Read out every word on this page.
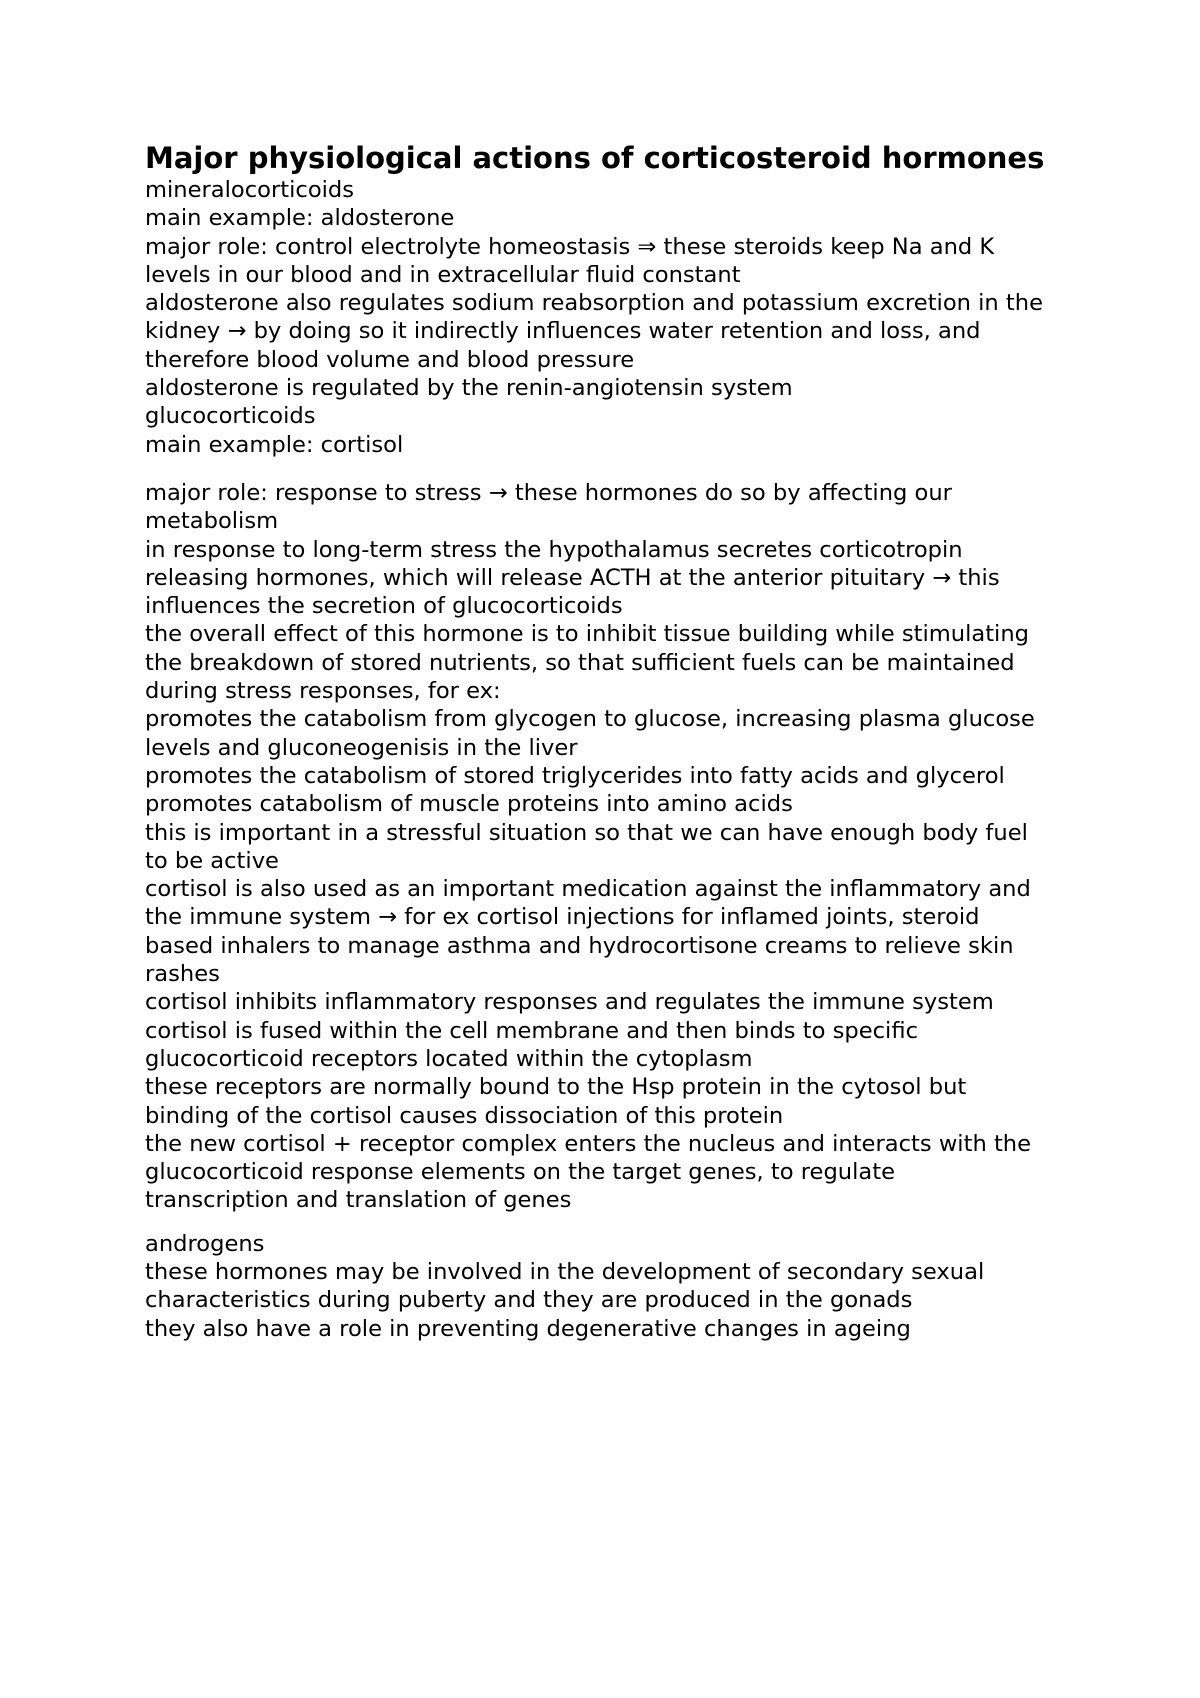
Major physiological actions of corticosteroid hormones

mineralocorticoids

main example: aldosterone

major role: control electrolyte homeostasis ⇒ these steroids keep Na and K levels in our blood and in extracellular fluid constant

aldosterone also regulates sodium reabsorption and potassium excretion in the kidney → by doing so it indirectly influences water retention and loss, and therefore blood volume and blood pressure

aldosterone is regulated by the renin-angiotensin system

glucocorticoids

main example: cortisol

major role: response to stress → these hormones do so by affecting our metabolism

in response to long-term stress the hypothalamus secretes corticotropin releasing hormones, which will release ACTH at the anterior pituitary → this influences the secretion of glucocorticoids

the overall effect of this hormone is to inhibit tissue building while stimulating the breakdown of stored nutrients, so that sufficient fuels can be maintained during stress responses, for ex:

promotes the catabolism from glycogen to glucose, increasing plasma glucose levels and gluconeogenisis in the liver

promotes the catabolism of stored triglycerides into fatty acids and glycerol

promotes catabolism of muscle proteins into amino acids

this is important in a stressful situation so that we can have enough body fuel to be active

cortisol is also used as an important medication against the inflammatory and the immune system → for ex cortisol injections for inflamed joints, steroid based inhalers to manage asthma and hydrocortisone creams to relieve skin rashes

cortisol inhibits inflammatory responses and regulates the immune system

cortisol is fused within the cell membrane and then binds to specific glucocorticoid receptors located within the cytoplasm

these receptors are normally bound to the Hsp protein in the cytosol but binding of the cortisol causes dissociation of this protein

the new cortisol + receptor complex enters the nucleus and interacts with the glucocorticoid response elements on the target genes, to regulate transcription and translation of genes

androgens

these hormones may be involved in the development of secondary sexual characteristics during puberty and they are produced in the gonads

they also have a role in preventing degenerative changes in ageing
